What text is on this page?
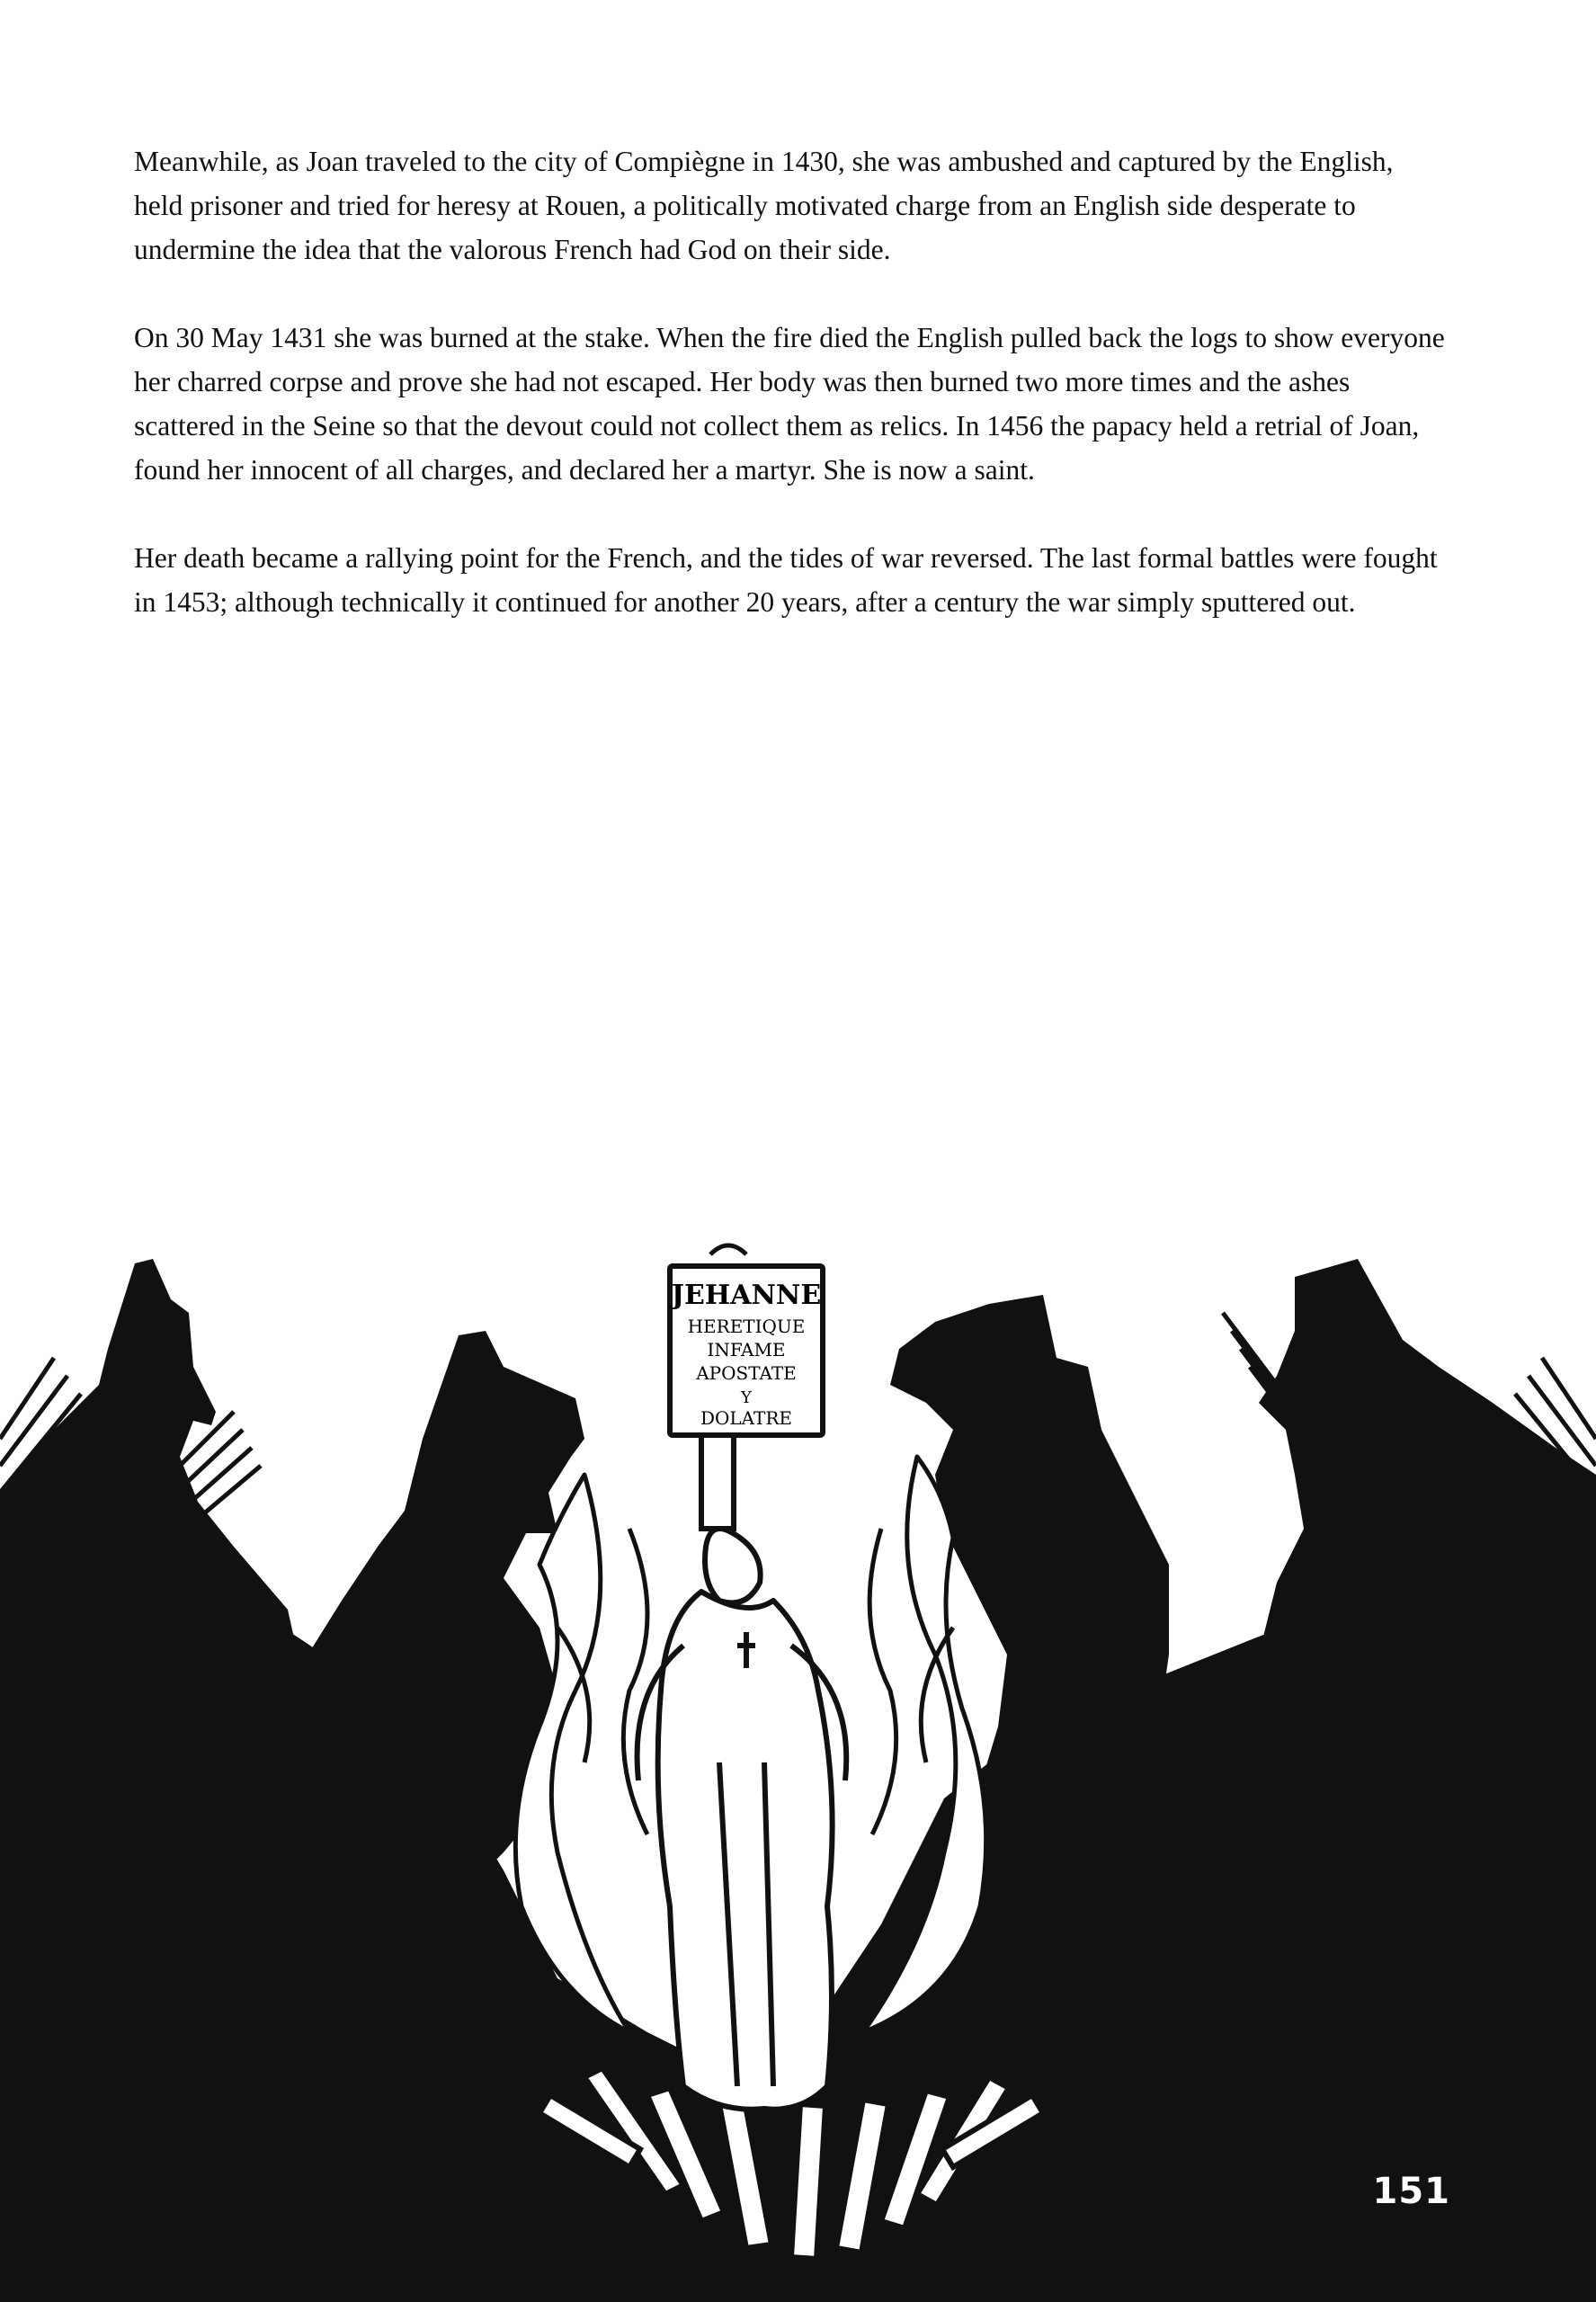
Meanwhile, as Joan traveled to the city of Compiègne in 1430, she was ambushed and captured by the English, held prisoner and tried for heresy at Rouen, a politically motivated charge from an English side desperate to undermine the idea that the valorous French had God on their side.

On 30 May 1431 she was burned at the stake. When the fire died the English pulled back the logs to show everyone her charred corpse and prove she had not escaped. Her body was then burned two more times and the ashes scattered in the Seine so that the devout could not collect them as relics. In 1456 the papacy held a retrial of Joan, found her innocent of all charges, and declared her a martyr. She is now a saint.

Her death became a rallying point for the French, and the tides of war reversed. The last formal battles were fought in 1453; although technically it continued for another 20 years, after a century the war simply sputtered out.

JEHANNE
HERETIQUE
INFAME
APOSTATE
Y
DOLATRE
151
